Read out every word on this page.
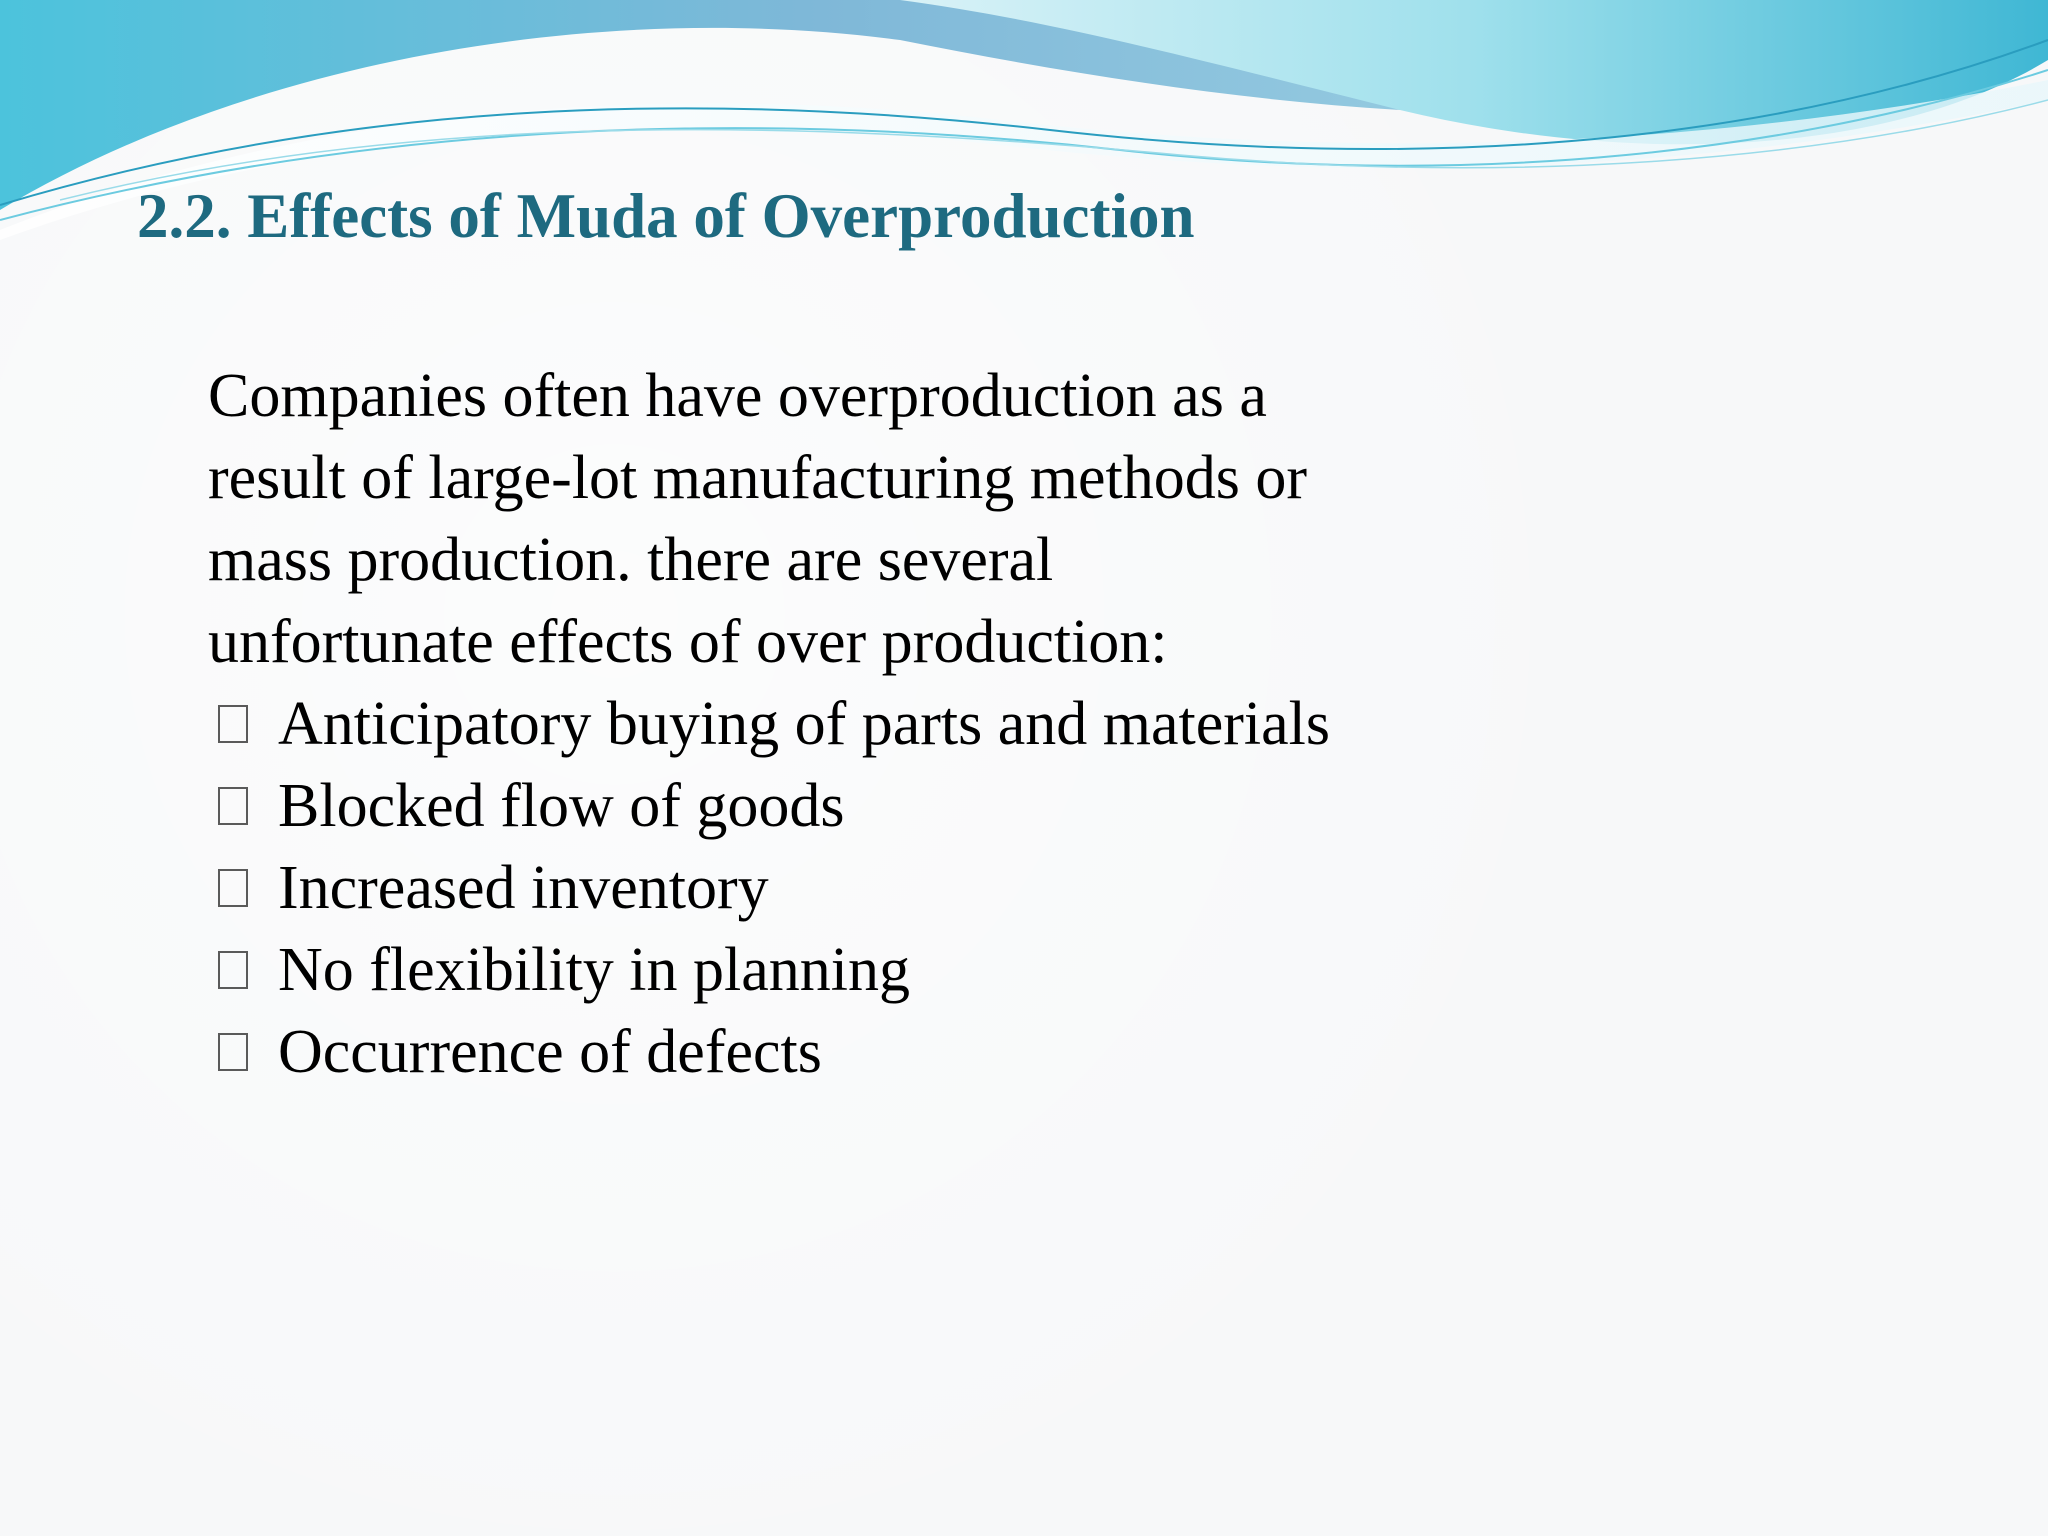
2.2. Effects of Muda of Overproduction

Companies often have overproduction as a
result of large-lot manufacturing methods or
mass production. there are several
unfortunate effects of over production:

Anticipatory buying of parts and materials
Blocked flow of goods
Increased inventory
No flexibility in planning
Occurrence of defects
